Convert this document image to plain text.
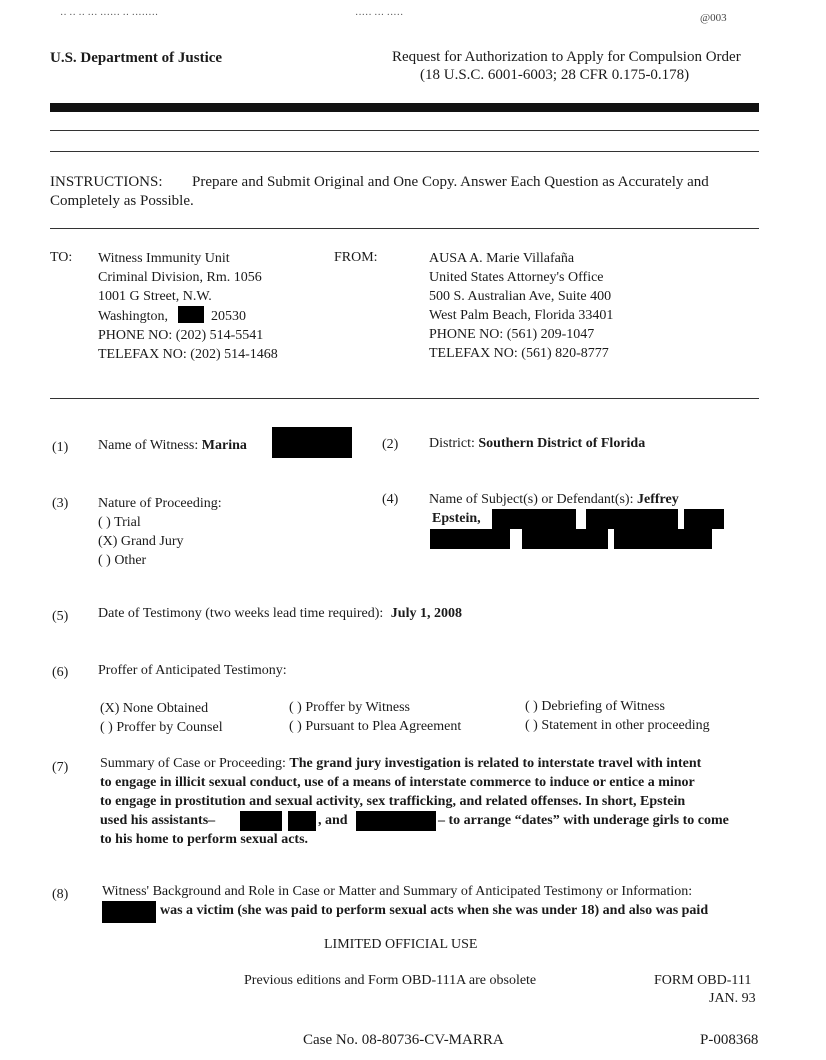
·· ·· ·· ··· ······ ·· ········	····· ··· ·····	@003
U.S. Department of Justice	Request for Authorization to Apply for Compulsion Order
(18 U.S.C. 6001-6003; 28 CFR 0.175-0.178)
INSTRUCTIONS: Prepare and Submit Original and One Copy. Answer Each Question as Accurately and
Completely as Possible.
TO: Witness Immunity Unit
Criminal Division, Rm. 1056
1001 G Street, N.W.
Washington,	20530
PHONE NO: (202) 514-5541
TELEFAX NO: (202) 514-1468
FROM:	AUSA A. Marie Villafaña
United States Attorney's Office
500 S. Australian Ave, Suite 400
West Palm Beach, Florida 33401
PHONE NO: (561) 209-1047
TELEFAX NO: (561) 820-8777
(1) Name of Witness: Marina	(2) District: Southern District of Florida
(3) Nature of Proceeding:
( ) Trial
(X) Grand Jury
( ) Other
(4) Name of Subject(s) or Defendant(s): Jeffrey
Epstein,
(5) Date of Testimony (two weeks lead time required): July 1, 2008
(6) Proffer of Anticipated Testimony:
(X) None Obtained
( ) Proffer by Counsel
( ) Proffer by Witness
( ) Pursuant to Plea Agreement
( ) Debriefing of Witness
( ) Statement in other proceeding
(7) Summary of Case or Proceeding: The grand jury investigation is related to interstate travel with intent
to engage in illicit sexual conduct, use of a means of interstate commerce to induce or entice a minor
to engage in prostitution and sexual activity, sex trafficking, and related offenses. In short, Epstein
used his assistants–	, and	– to arrange “dates” with underage girls to come
to his home to perform sexual acts.
(8) Witness' Background and Role in Case or Matter and Summary of Anticipated Testimony or Information:
was a victim (she was paid to perform sexual acts when she was under 18) and also was paid
LIMITED OFFICIAL USE
Previous editions and Form OBD-111A are obsolete	FORM OBD-111
JAN. 93
Case No. 08-80736-CV-MARRA	P-008368
